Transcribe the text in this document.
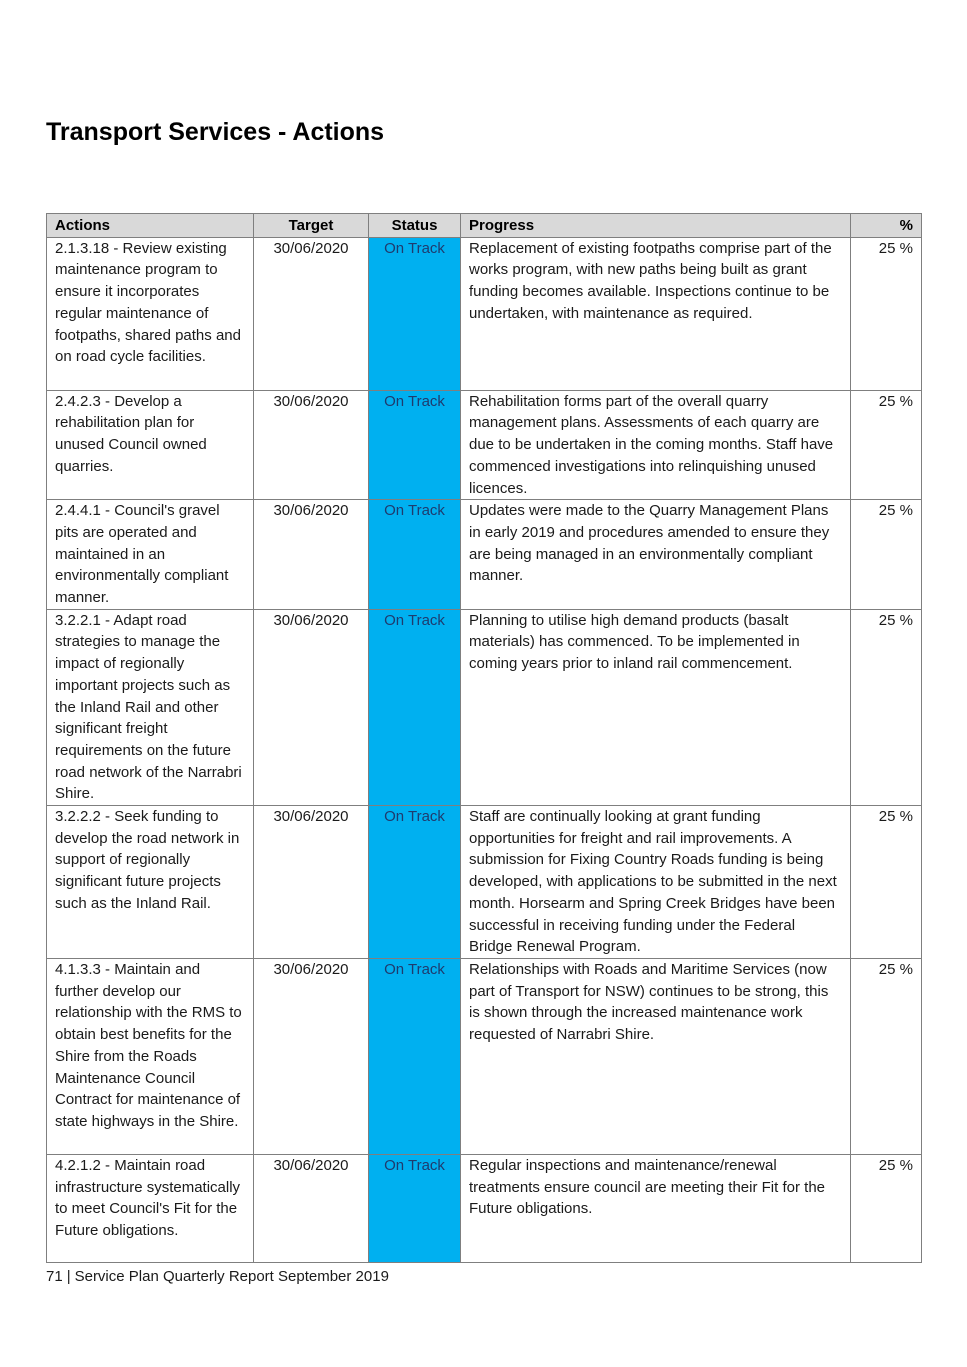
Transport Services - Actions
Actions	Target	Status	Progress	%
2.1.3.18 - Review existing maintenance program to ensure it incorporates regular maintenance of footpaths, shared paths and on road cycle facilities.	30/06/2020	On Track	Replacement of existing footpaths comprise part of the works program, with new paths being built as grant funding becomes available. Inspections continue to be undertaken, with maintenance as required.	25 %
2.4.2.3 - Develop a rehabilitation plan for unused Council owned quarries.	30/06/2020	On Track	Rehabilitation forms part of the overall quarry management plans. Assessments of each quarry are due to be undertaken in the coming months. Staff have commenced investigations into relinquishing unused licences.	25 %
2.4.4.1 - Council's gravel pits are operated and maintained in an environmentally compliant manner.	30/06/2020	On Track	Updates were made to the Quarry Management Plans in early 2019 and procedures amended to ensure they are being managed in an environmentally compliant manner.	25 %
3.2.2.1 - Adapt road strategies to manage the impact of regionally important projects such as the Inland Rail and other significant freight requirements on the future road network of the Narrabri Shire.	30/06/2020	On Track	Planning to utilise high demand products (basalt materials) has commenced. To be implemented in coming years prior to inland rail commencement.	25 %
3.2.2.2 - Seek funding to develop the road network in support of regionally significant future projects such as the Inland Rail.	30/06/2020	On Track	Staff are continually looking at grant funding opportunities for freight and rail improvements. A submission for Fixing Country Roads funding is being developed, with applications to be submitted in the next month. Horsearm and Spring Creek Bridges have been successful in receiving funding under the Federal Bridge Renewal Program.	25 %
4.1.3.3 - Maintain and further develop our relationship with the RMS to obtain best benefits for the Shire from the Roads Maintenance Council Contract for maintenance of state highways in the Shire.	30/06/2020	On Track	Relationships with Roads and Maritime Services (now part of Transport for NSW) continues to be strong, this is shown through the increased maintenance work requested of Narrabri Shire.	25 %
4.2.1.2 - Maintain road infrastructure systematically to meet Council's Fit for the Future obligations.	30/06/2020	On Track	Regular inspections and maintenance/renewal treatments ensure council are meeting their Fit for the Future obligations.	25 %
71 | Service Plan Quarterly Report September 2019
